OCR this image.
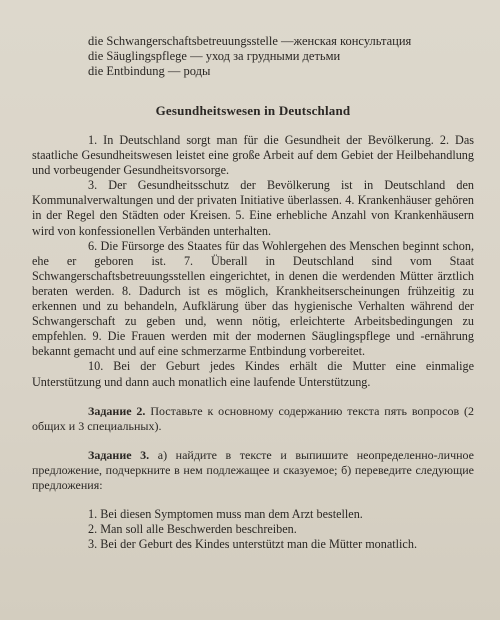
die Schwangerschaftsbetreuungsstelle —женская консультация
die Säuglingspflege — уход за грудными детьми
die Entbindung — роды
Gesundheitswesen in Deutschland

1. In Deutschland sorgt man für die Gesundheit der Bevölkerung. 2. Das staatliche Gesundheitswesen leistet eine große Arbeit auf dem Gebiet der Heilbehandlung und vorbeugender Gesundheitsvorsorge.

3. Der Gesundheitsschutz der Bevölkerung ist in Deutschland den Kommunalverwaltungen und der privaten Initiative überlassen. 4. Krankenhäuser gehören in der Regel den Städten oder Kreisen. 5. Eine erhebliche Anzahl von Krankenhäusern wird von konfessionellen Verbänden unterhalten.

6. Die Fürsorge des Staates für das Wohlergehen des Menschen beginnt schon, ehe er geboren ist. 7. Überall in Deutschland sind vom Staat Schwangerschaftsbetreuungsstellen eingerichtet, in denen die werdenden Mütter ärztlich beraten werden. 8. Dadurch ist es möglich, Krankheitserscheinungen frühzeitig zu erkennen und zu behandeln, Aufklärung über das hygienische Verhalten während der Schwangerschaft zu geben und, wenn nötig, erleichterte Arbeitsbedingungen zu empfehlen. 9. Die Frauen werden mit der modernen Säuglingspflege und -ernährung bekannt gemacht und auf eine schmerzarme Entbindung vorbereitet.

10. Bei der Geburt jedes Kindes erhält die Mutter eine einmalige Unterstützung und dann auch monatlich eine laufende Unterstützung.

Задание 2. Поставьте к основному содержанию текста пять вопросов (2 общих и 3 специальных).

Задание 3. а) найдите в тексте и выпишите неопределенно-личное предложение, подчеркните в нем подлежащее и сказуемое; б) переведите следующие предложения:

1. Bei diesen Symptomen muss man dem Arzt bestellen.
2. Man soll alle Beschwerden beschreiben.
3. Bei der Geburt des Kindes unterstützt man die Mütter monatlich.
